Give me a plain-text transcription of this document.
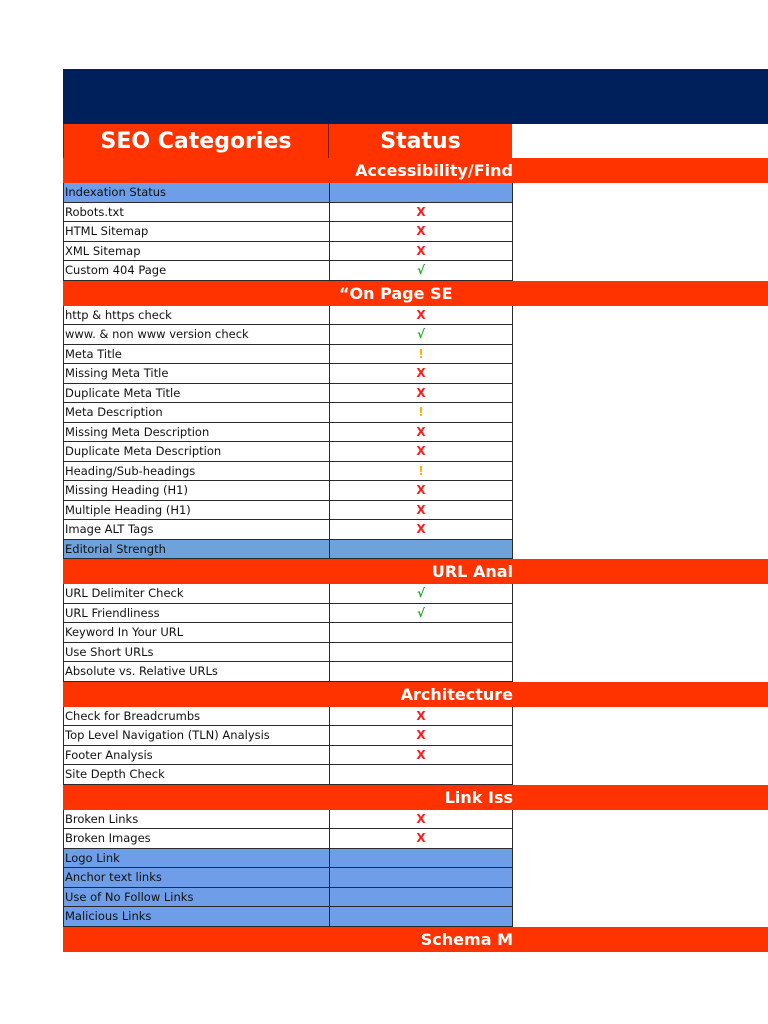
SEO Categories	Status
Accessibility/Find
Indexation Status
Robots.txt	X
HTML Sitemap	X
XML Sitemap	X
Custom 404 Page	√
“On Page SE
http & https check	X
www. & non www version check	√
Meta Title	!
Missing Meta Title	X
Duplicate Meta Title	X
Meta Description	!
Missing Meta Description	X
Duplicate Meta Description	X
Heading/Sub-headings	!
Missing Heading (H1)	X
Multiple Heading (H1)	X
Image ALT Tags	X
Editorial Strength
URL Anal
URL Delimiter Check	√
URL Friendliness	√
Keyword In Your URL
Use Short URLs
Absolute vs. Relative URLs
Architecture
Check for Breadcrumbs	X
Top Level Navigation (TLN) Analysis	X
Footer Analysis	X
Site Depth Check
Link Iss
Broken Links	X
Broken Images	X
Logo Link
Anchor text links
Use of No Follow Links
Malicious Links
Schema M
